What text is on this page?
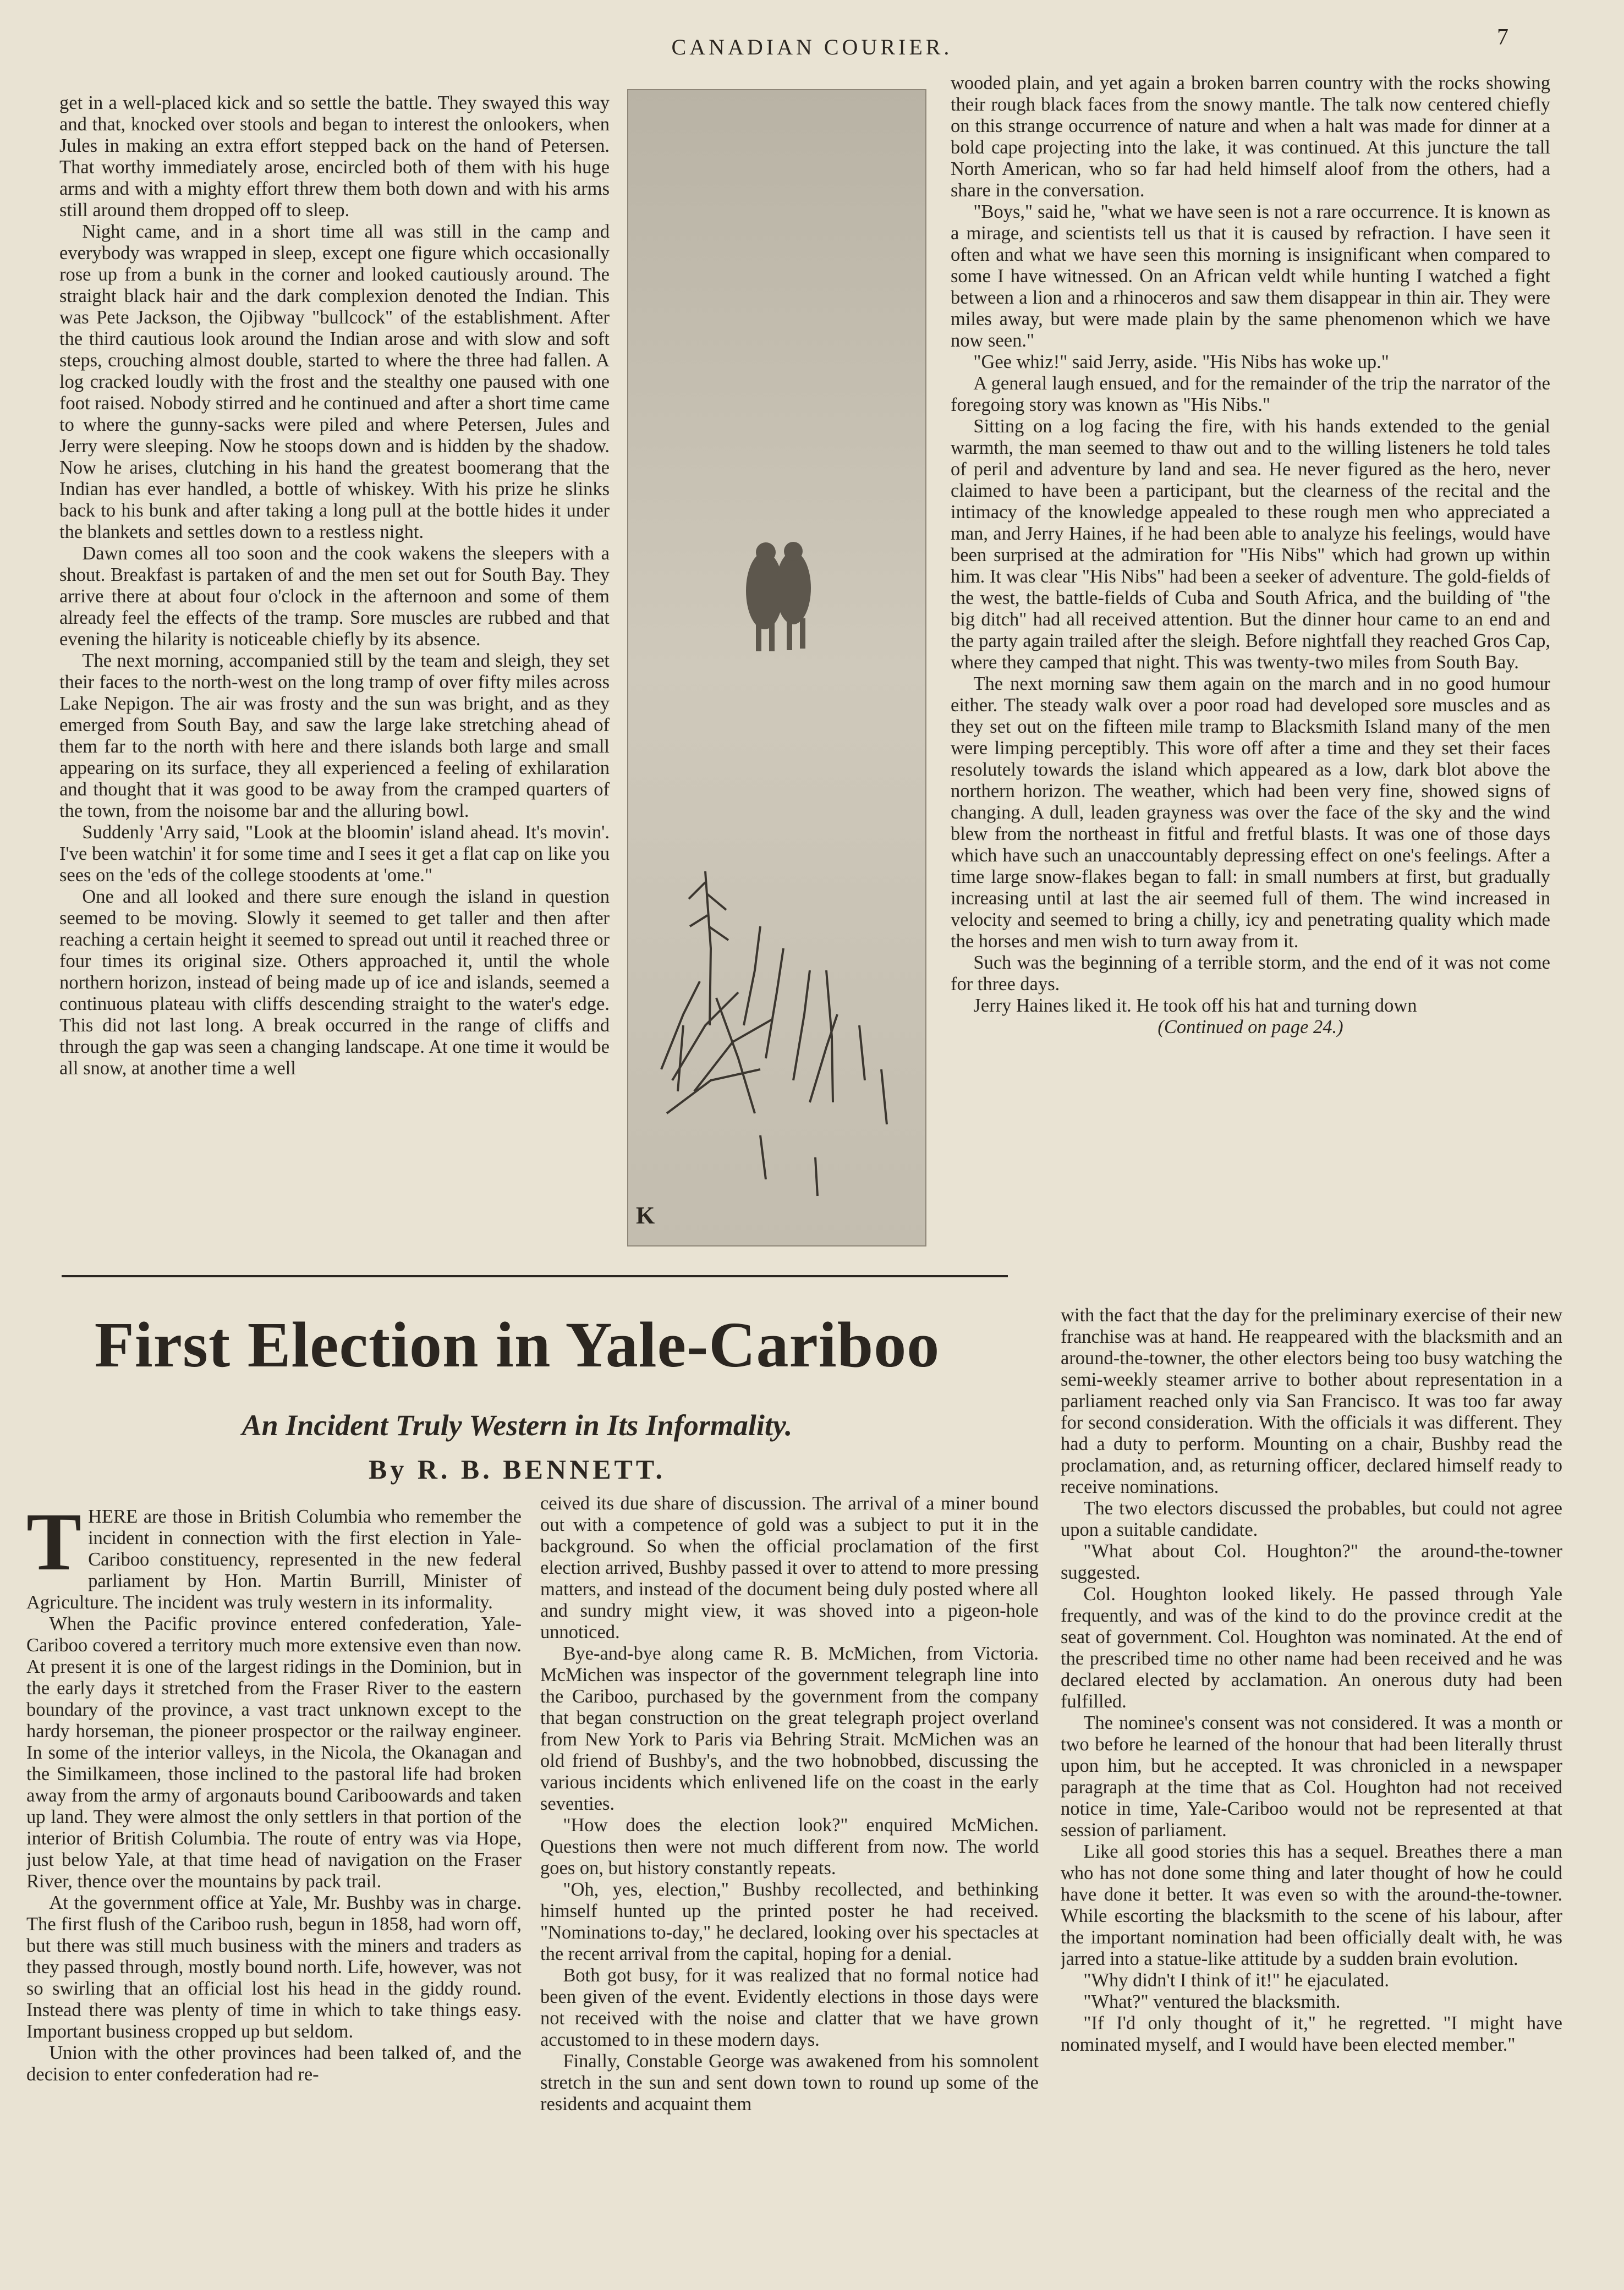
CANADIAN COURIER.	7

get in a well-placed kick and so settle the battle. They swayed this way and that, knocked over stools and began to interest the onlookers, when Jules in making an extra effort stepped back on the hand of Petersen. That worthy immediately arose, encircled both of them with his huge arms and with a mighty effort threw them both down and with his arms still around them dropped off to sleep.

Night came, and in a short time all was still in the camp and everybody was wrapped in sleep, except one figure which occasionally rose up from a bunk in the corner and looked cautiously around. The straight black hair and the dark complexion denoted the Indian. This was Pete Jackson, the Ojibway "bullcock" of the establishment. After the third cautious look around the Indian arose and with slow and soft steps, crouching almost double, started to where the three had fallen. A log cracked loudly with the frost and the stealthy one paused with one foot raised. Nobody stirred and he continued and after a short time came to where the gunny-sacks were piled and where Petersen, Jules and Jerry were sleeping. Now he stoops down and is hidden by the shadow. Now he arises, clutching in his hand the greatest boomerang that the Indian has ever handled, a bottle of whiskey. With his prize he slinks back to his bunk and after taking a long pull at the bottle hides it under the blankets and settles down to a restless night.

Dawn comes all too soon and the cook wakens the sleepers with a shout. Breakfast is partaken of and the men set out for South Bay. They arrive there at about four o'clock in the afternoon and some of them already feel the effects of the tramp. Sore muscles are rubbed and that evening the hilarity is noticeable chiefly by its absence.

The next morning, accompanied still by the team and sleigh, they set their faces to the north-west on the long tramp of over fifty miles across Lake Nepigon. The air was frosty and the sun was bright, and as they emerged from South Bay, and saw the large lake stretching ahead of them far to the north with here and there islands both large and small appearing on its surface, they all experienced a feeling of exhilaration and thought that it was good to be away from the cramped quarters of the town, from the noisome bar and the alluring bowl.

Suddenly 'Arry said, "Look at the bloomin' island ahead. It's movin'. I've been watchin' it for some time and I sees it get a flat cap on like you sees on the 'eds of the college stoodents at 'ome."

One and all looked and there sure enough the island in question seemed to be moving. Slowly it seemed to get taller and then after reaching a certain height it seemed to spread out until it reached three or four times its original size. Others approached it, until the whole northern horizon, instead of being made up of ice and islands, seemed a continuous plateau with cliffs descending straight to the water's edge. This did not last long. A break occurred in the range of cliffs and through the gap was seen a changing landscape. At one time it would be all snow, at another time a well

K

wooded plain, and yet again a broken barren country with the rocks showing their rough black faces from the snowy mantle. The talk now centered chiefly on this strange occurrence of nature and when a halt was made for dinner at a bold cape projecting into the lake, it was continued. At this juncture the tall North American, who so far had held himself aloof from the others, had a share in the conversation.

"Boys," said he, "what we have seen is not a rare occurrence. It is known as a mirage, and scientists tell us that it is caused by refraction. I have seen it often and what we have seen this morning is insignificant when compared to some I have witnessed. On an African veldt while hunting I watched a fight between a lion and a rhinoceros and saw them disappear in thin air. They were miles away, but were made plain by the same phenomenon which we have now seen."

"Gee whiz!" said Jerry, aside. "His Nibs has woke up."

A general laugh ensued, and for the remainder of the trip the narrator of the foregoing story was known as "His Nibs."

Sitting on a log facing the fire, with his hands extended to the genial warmth, the man seemed to thaw out and to the willing listeners he told tales of peril and adventure by land and sea. He never figured as the hero, never claimed to have been a participant, but the clearness of the recital and the intimacy of the knowledge appealed to these rough men who appreciated a man, and Jerry Haines, if he had been able to analyze his feelings, would have been surprised at the admiration for "His Nibs" which had grown up within him. It was clear "His Nibs" had been a seeker of adventure. The gold-fields of the west, the battle-fields of Cuba and South Africa, and the building of "the big ditch" had all received attention. But the dinner hour came to an end and the party again trailed after the sleigh. Before nightfall they reached Gros Cap, where they camped that night. This was twenty-two miles from South Bay.

The next morning saw them again on the march and in no good humour either. The steady walk over a poor road had developed sore muscles and as they set out on the fifteen mile tramp to Blacksmith Island many of the men were limping perceptibly. This wore off after a time and they set their faces resolutely towards the island which appeared as a low, dark blot above the northern horizon. The weather, which had been very fine, showed signs of changing. A dull, leaden grayness was over the face of the sky and the wind blew from the northeast in fitful and fretful blasts. It was one of those days which have such an unaccountably depressing effect on one's feelings. After a time large snow-flakes began to fall: in small numbers at first, but gradually increasing until at last the air seemed full of them. The wind increased in velocity and seemed to bring a chilly, icy and penetrating quality which made the horses and men wish to turn away from it.

Such was the beginning of a terrible storm, and the end of it was not come for three days.

Jerry Haines liked it. He took off his hat and turning down

(Continued on page 24.)

First Election in Yale-Cariboo
An Incident Truly Western in Its Informality.
By R. B. BENNETT.

THERE are those in British Columbia who remember the incident in connection with the first election in Yale-Cariboo constituency, represented in the new federal parliament by Hon. Martin Burrill, Minister of Agriculture. The incident was truly western in its informality.

When the Pacific province entered confederation, Yale-Cariboo covered a territory much more extensive even than now. At present it is one of the largest ridings in the Dominion, but in the early days it stretched from the Fraser River to the eastern boundary of the province, a vast tract unknown except to the hardy horseman, the pioneer prospector or the railway engineer. In some of the interior valleys, in the Nicola, the Okanagan and the Similkameen, those inclined to the pastoral life had broken away from the army of argonauts bound Cariboowards and taken up land. They were almost the only settlers in that portion of the interior of British Columbia. The route of entry was via Hope, just below Yale, at that time head of navigation on the Fraser River, thence over the mountains by pack trail.

At the government office at Yale, Mr. Bushby was in charge. The first flush of the Cariboo rush, begun in 1858, had worn off, but there was still much business with the miners and traders as they passed through, mostly bound north. Life, however, was not so swirling that an official lost his head in the giddy round. Instead there was plenty of time in which to take things easy. Important business cropped up but seldom.

Union with the other provinces had been talked of, and the decision to enter confederation had re-

ceived its due share of discussion. The arrival of a miner bound out with a competence of gold was a subject to put it in the background. So when the official proclamation of the first election arrived, Bushby passed it over to attend to more pressing matters, and instead of the document being duly posted where all and sundry might view, it was shoved into a pigeon-hole unnoticed.

Bye-and-bye along came R. B. McMichen, from Victoria. McMichen was inspector of the government telegraph line into the Cariboo, purchased by the government from the company that began construction on the great telegraph project overland from New York to Paris via Behring Strait. McMichen was an old friend of Bushby's, and the two hobnobbed, discussing the various incidents which enlivened life on the coast in the early seventies.

"How does the election look?" enquired McMichen. Questions then were not much different from now. The world goes on, but history constantly repeats.

"Oh, yes, election," Bushby recollected, and bethinking himself hunted up the printed poster he had received. "Nominations to-day," he declared, looking over his spectacles at the recent arrival from the capital, hoping for a denial.

Both got busy, for it was realized that no formal notice had been given of the event. Evidently elections in those days were not received with the noise and clatter that we have grown accustomed to in these modern days.

Finally, Constable George was awakened from his somnolent stretch in the sun and sent down town to round up some of the residents and acquaint them

with the fact that the day for the preliminary exercise of their new franchise was at hand. He reappeared with the blacksmith and an around-the-towner, the other electors being too busy watching the semi-weekly steamer arrive to bother about representation in a parliament reached only via San Francisco. It was too far away for second consideration. With the officials it was different. They had a duty to perform. Mounting on a chair, Bushby read the proclamation, and, as returning officer, declared himself ready to receive nominations.

The two electors discussed the probables, but could not agree upon a suitable candidate.

"What about Col. Houghton?" the around-the-towner suggested.

Col. Houghton looked likely. He passed through Yale frequently, and was of the kind to do the province credit at the seat of government. Col. Houghton was nominated. At the end of the prescribed time no other name had been received and he was declared elected by acclamation. An onerous duty had been fulfilled.

The nominee's consent was not considered. It was a month or two before he learned of the honour that had been literally thrust upon him, but he accepted. It was chronicled in a newspaper paragraph at the time that as Col. Houghton had not received notice in time, Yale-Cariboo would not be represented at that session of parliament.

Like all good stories this has a sequel. Breathes there a man who has not done some thing and later thought of how he could have done it better. It was even so with the around-the-towner. While escorting the blacksmith to the scene of his labour, after the important nomination had been officially dealt with, he was jarred into a statue-like attitude by a sudden brain evolution.

"Why didn't I think of it!" he ejaculated.

"What?" ventured the blacksmith.

"If I'd only thought of it," he regretted. "I might have nominated myself, and I would have been elected member."
